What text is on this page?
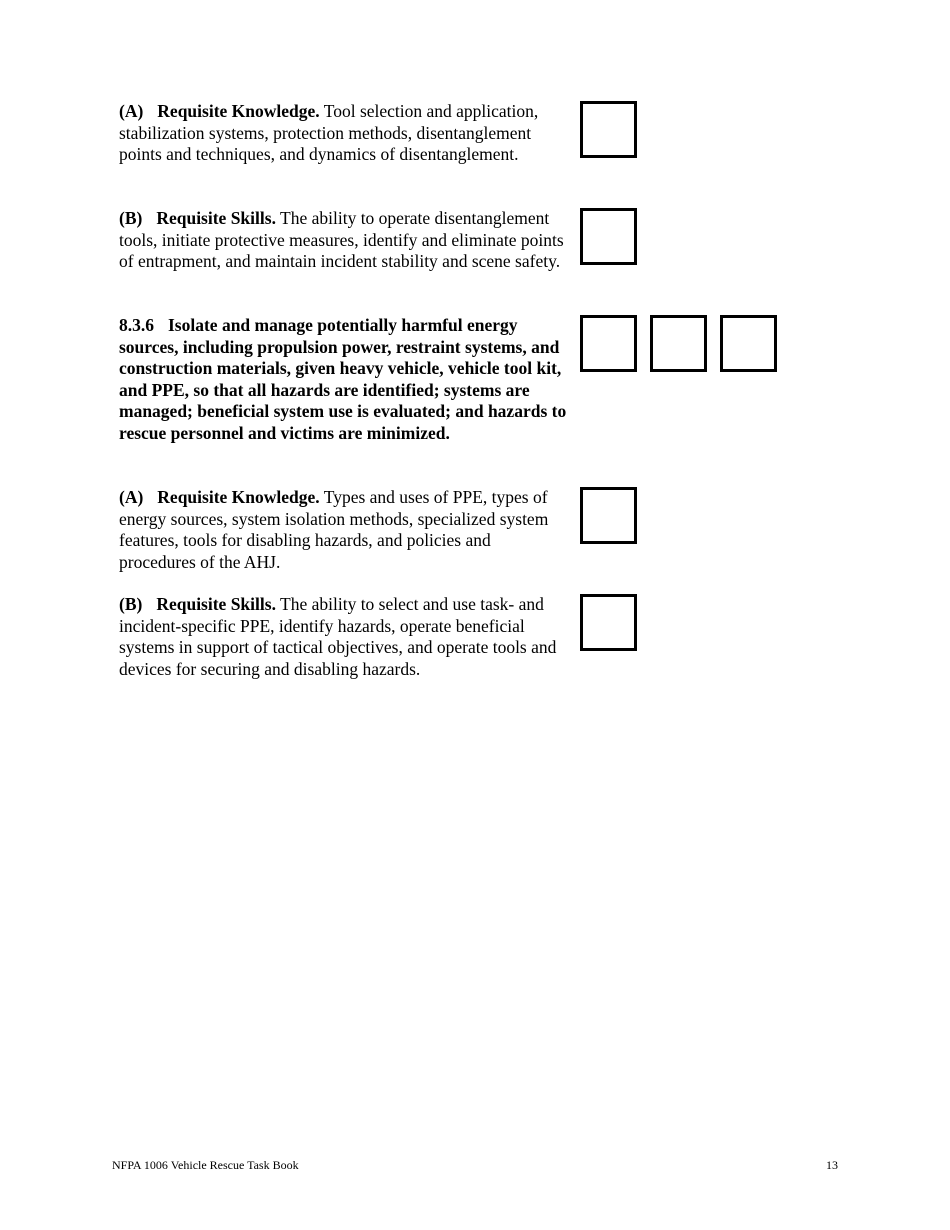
(A) Requisite Knowledge. Tool selection and application, stabilization systems, protection methods, disentanglement points and techniques, and dynamics of disentanglement.

(B) Requisite Skills. The ability to operate disentanglement tools, initiate protective measures, identify and eliminate points of entrapment, and maintain incident stability and scene safety.

8.3.6 Isolate and manage potentially harmful energy sources, including propulsion power, restraint systems, and construction materials, given heavy vehicle, vehicle tool kit, and PPE, so that all hazards are identified; systems are managed; beneficial system use is evaluated; and hazards to rescue personnel and victims are minimized.

(A) Requisite Knowledge. Types and uses of PPE, types of energy sources, system isolation methods, specialized system features, tools for disabling hazards, and policies and procedures of the AHJ.

(B) Requisite Skills. The ability to select and use task- and incident-specific PPE, identify hazards, operate beneficial systems in support of tactical objectives, and operate tools and devices for securing and disabling hazards.

NFPA 1006 Vehicle Rescue Task Book	13
